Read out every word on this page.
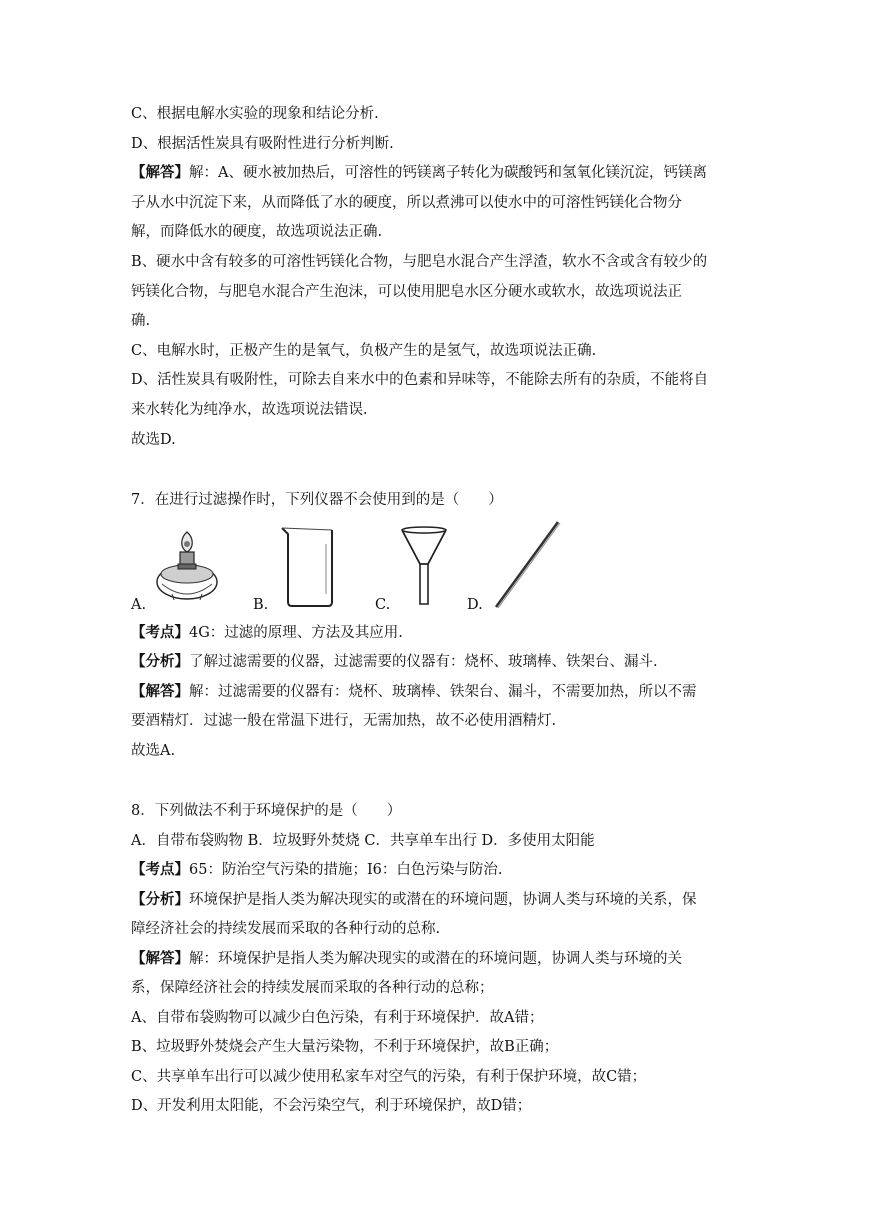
C、根据电解水实验的现象和结论分析.
D、根据活性炭具有吸附性进行分析判断.
【解答】解：A、硬水被加热后，可溶性的钙镁离子转化为碳酸钙和氢氧化镁沉淀，钙镁离
子从水中沉淀下来，从而降低了水的硬度，所以煮沸可以使水中的可溶性钙镁化合物分
解，而降低水的硬度，故选项说法正确.
B、硬水中含有较多的可溶性钙镁化合物，与肥皂水混合产生浮渣，软水不含或含有较少的
钙镁化合物，与肥皂水混合产生泡沫，可以使用肥皂水区分硬水或软水，故选项说法正
确.
C、电解水时，正极产生的是氧气，负极产生的是氢气，故选项说法正确.
D、活性炭具有吸附性，可除去自来水中的色素和异味等，不能除去所有的杂质，不能将自
来水转化为纯净水，故选项说法错误.
故选D.
7．在进行过滤操作时，下列仪器不会使用到的是（　　）
A.	B.	C.	D.
【考点】4G：过滤的原理、方法及其应用.
【分析】了解过滤需要的仪器，过滤需要的仪器有：烧杯、玻璃棒、铁架台、漏斗.
【解答】解：过滤需要的仪器有：烧杯、玻璃棒、铁架台、漏斗，不需要加热，所以不需
要酒精灯．过滤一般在常温下进行，无需加热，故不必使用酒精灯.
故选A.
8．下列做法不利于环境保护的是（　　）
A．自带布袋购物 B．垃圾野外焚烧 C．共享单车出行 D．多使用太阳能
【考点】65：防治空气污染的措施；I6：白色污染与防治.
【分析】环境保护是指人类为解决现实的或潜在的环境问题，协调人类与环境的关系，保
障经济社会的持续发展而采取的各种行动的总称.
【解答】解：环境保护是指人类为解决现实的或潜在的环境问题，协调人类与环境的关
系，保障经济社会的持续发展而采取的各种行动的总称；
A、自带布袋购物可以减少白色污染，有利于环境保护．故A错；
B、垃圾野外焚烧会产生大量污染物，不利于环境保护，故B正确；
C、共享单车出行可以减少使用私家车对空气的污染，有利于保护环境，故C错；
D、开发利用太阳能，不会污染空气，利于环境保护，故D错；
